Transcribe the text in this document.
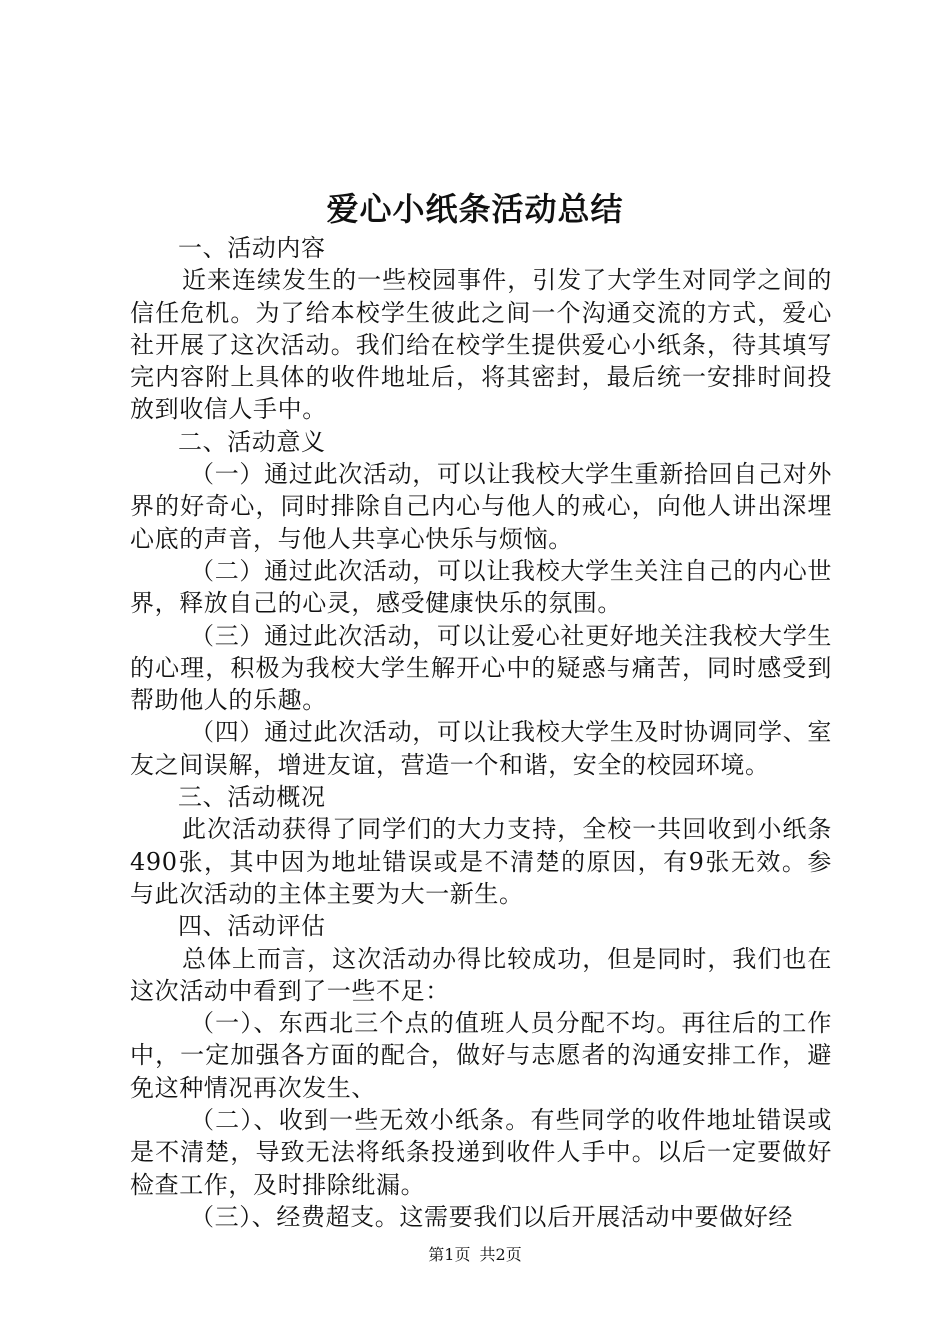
爱心小纸条活动总结

一、活动内容

近来连续发生的一些校园事件，引发了大学生对同学之间的信任危机。为了给本校学生彼此之间一个沟通交流的方式，爱心社开展了这次活动。我们给在校学生提供爱心小纸条，待其填写完内容附上具体的收件地址后，将其密封，最后统一安排时间投放到收信人手中。

二、活动意义

（一）通过此次活动，可以让我校大学生重新拾回自己对外界的好奇心，同时排除自己内心与他人的戒心，向他人讲出深埋心底的声音，与他人共享心快乐与烦恼。

（二）通过此次活动，可以让我校大学生关注自己的内心世界，释放自己的心灵，感受健康快乐的氛围。

（三）通过此次活动，可以让爱心社更好地关注我校大学生的心理，积极为我校大学生解开心中的疑惑与痛苦，同时感受到帮助他人的乐趣。

（四）通过此次活动，可以让我校大学生及时协调同学、室友之间误解，增进友谊，营造一个和谐，安全的校园环境。

三、活动概况

此次活动获得了同学们的大力支持，全校一共回收到小纸条490张，其中因为地址错误或是不清楚的原因，有9张无效。参与此次活动的主体主要为大一新生。

四、活动评估

总体上而言，这次活动办得比较成功，但是同时，我们也在这次活动中看到了一些不足：

（一）、东西北三个点的值班人员分配不均。再往后的工作中，一定加强各方面的配合，做好与志愿者的沟通安排工作，避免这种情况再次发生、

（二）、收到一些无效小纸条。有些同学的收件地址错误或是不清楚，导致无法将纸条投递到收件人手中。以后一定要做好检查工作，及时排除纰漏。

（三）、经费超支。这需要我们以后开展活动中要做好经

第1页 共2页
